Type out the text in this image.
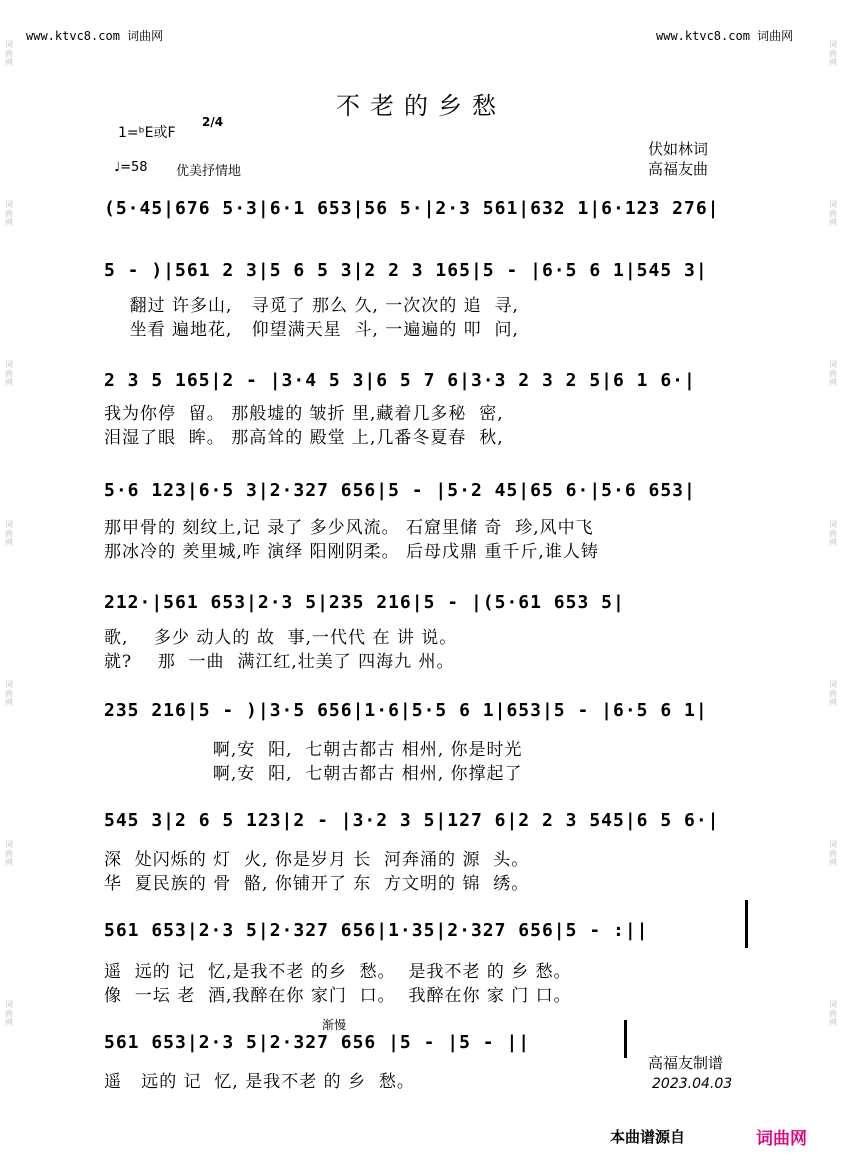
词
曲
网
词
曲
网
词
曲
网
词
曲
网
词
曲
网
词
曲
网
词
曲
网
词
曲
网
词
曲
网
词
曲
网
词
曲
网
词
曲
网
词
曲
网
词
曲
网
www.ktvc8.com 词曲网	www.ktvc8.com 词曲网
不老的乡愁
1=ᵇE或F
2/4
♩=58 优美抒情地
伏如林词
高福友曲
(5·45|676 5·3|6·1 653|56 5·|2·3 561|632 1|6·123 276|
5 - )|561 2 3|5 6 5 3|2 2 3 165|5 - |6·5 6 1|545 3|
翻过 许多山,   寻觅了 那么 久, 一次次的 追  寻,
坐看 遍地花,   仰望满天星  斗, 一遍遍的 叩  问,
2 3 5 165|2 - |3·4 5 3|6 5 7 6|3·3 2 3 2 5|6 1 6·|
我为你停  留。 那般墟的 皱折 里,藏着几多秘  密,
泪湿了眼  眸。 那高耸的 殿堂 上,几番冬夏春  秋,
5·6 123|6·5 3|2·327 656|5 - |5·2 45|65 6·|5·6 653|
那甲骨的 刻纹上,记 录了 多少风流。 石窟里储 奇  珍,风中飞
那冰冷的 羑里城,咋 演绎 阳刚阴柔。 后母戊鼎 重千斤,谁人铸
212·|561 653|2·3 5|235 216|5 - |(5·61 653 5|
歌,    多少 动人的 故  事,一代代 在 讲 说。
就?    那  一曲  满江红,壮美了 四海九 州。
235 216|5 - )|3·5 656|1·6|5·5 6 1|653|5 - |6·5 6 1|
啊,安  阳,  七朝古都古 相州, 你是时光
啊,安  阳,  七朝古都古 相州, 你撑起了
545 3|2 6 5 123|2 - |3·2 3 5|127 6|2 2 3 545|6 5 6·|
深  处闪烁的 灯  火, 你是岁月 长  河奔涌的 源  头。
华  夏民族的 骨  骼, 你铺开了 东  方文明的 锦  绣。
561 653|2·3 5|2·327 656|1·35|2·327 656|5 - :||
遥  远的 记  忆,是我不老 的乡  愁。  是我不老 的 乡 愁。
像  一坛 老  酒,我醉在你 家门  口。  我醉在你 家 门 口。
渐慢
561 653|2·3 5|2·327 656 |5 - |5 - ||
遥   远的 记  忆, 是我不老 的 乡  愁。
高福友制谱
2023.04.03
本曲谱源自	词曲网
